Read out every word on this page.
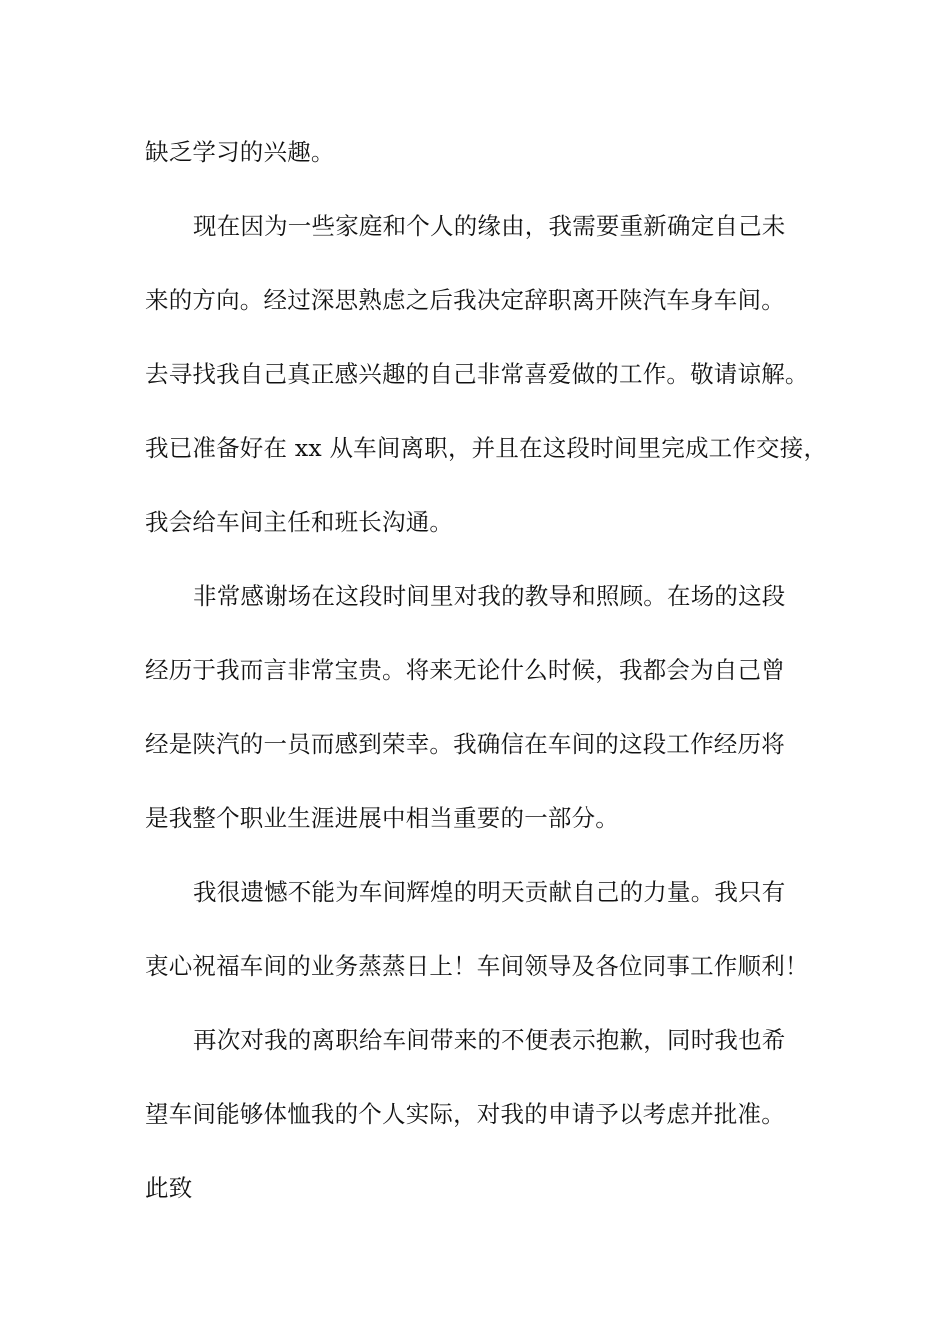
缺乏学习的兴趣。
现在因为一些家庭和个人的缘由，我需要重新确定自己未
来的方向。经过深思熟虑之后我决定辞职离开陕汽车身车间。
去寻找我自己真正感兴趣的自己非常喜爱做的工作。敬请谅解。
我已准备好在 xx 从车间离职，并且在这段时间里完成工作交接，
我会给车间主任和班长沟通。
非常感谢场在这段时间里对我的教导和照顾。在场的这段
经历于我而言非常宝贵。将来无论什么时候，我都会为自己曾
经是陕汽的一员而感到荣幸。我确信在车间的这段工作经历将
是我整个职业生涯进展中相当重要的一部分。
我很遗憾不能为车间辉煌的明天贡献自己的力量。我只有
衷心祝福车间的业务蒸蒸日上！车间领导及各位同事工作顺利！
再次对我的离职给车间带来的不便表示抱歉，同时我也希
望车间能够体恤我的个人实际，对我的申请予以考虑并批准。
此致
